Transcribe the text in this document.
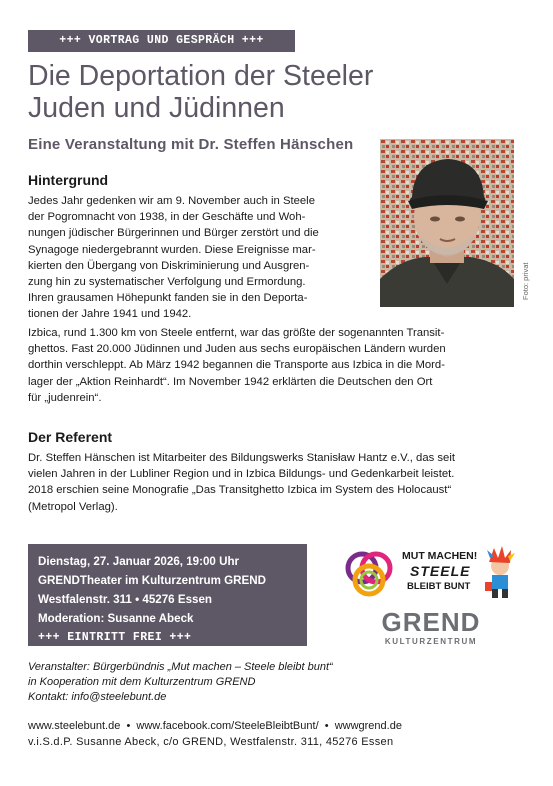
+++ VORTRAG UND GESPRÄCH +++
Die Deportation der Steeler
Juden und Jüdinnen
Eine Veranstaltung mit Dr. Steffen Hänschen
Hintergrund
Jedes Jahr gedenken wir am 9. November auch in Steele
der Pogromnacht von 1938, in der Geschäfte und Woh-
nungen jüdischer Bürgerinnen und Bürger zerstört und die
Synagoge niedergebrannt wurden. Diese Ereignisse mar-
kierten den Übergang von Diskriminierung und Ausgren-
zung hin zu systematischer Verfolgung und Ermordung.
Ihren grausamen Höhepunkt fanden sie in den Deporta-
tionen der Jahre 1941 und 1942.
Foto: privat
Izbica, rund 1.300 km von Steele entfernt, war das größte der sogenannten Transit-
ghettos. Fast 20.000 Jüdinnen und Juden aus sechs europäischen Ländern wurden
dorthin verschleppt. Ab März 1942 begannen die Transporte aus Izbica in die Mord-
lager der „Aktion Reinhardt“. Im November 1942 erklärten die Deutschen den Ort
für „judenrein“.
Der Referent
Dr. Steffen Hänschen ist Mitarbeiter des Bildungswerks Stanisław Hantz e.V., das seit
vielen Jahren in der Lubliner Region und in Izbica Bildungs- und Gedenkarbeit leistet.
2018 erschien seine Monografie „Das Transitghetto Izbica im System des Holocaust“
(Metropol Verlag).
Dienstag, 27. Januar 2026, 19:00 Uhr
GRENDTheater im Kulturzentrum GREND
Westfalenstr. 311 • 45276 Essen
Moderation: Susanne Abeck
+++ EINTRITT FREI +++
MUT MACHEN!
STEELE
BLEIBT BUNT
GREND
KULTURZENTRUM
Veranstalter: Bürgerbündnis „Mut machen – Steele bleibt bunt“
in Kooperation mit dem Kulturzentrum GREND
Kontakt: info@steelebunt.de
www.steelebunt.de  •  www.facebook.com/SteeleBleibtBunt/  •  wwwgrend.de
v.i.S.d.P. Susanne Abeck, c/o GREND, Westfalenstr. 311, 45276 Essen
